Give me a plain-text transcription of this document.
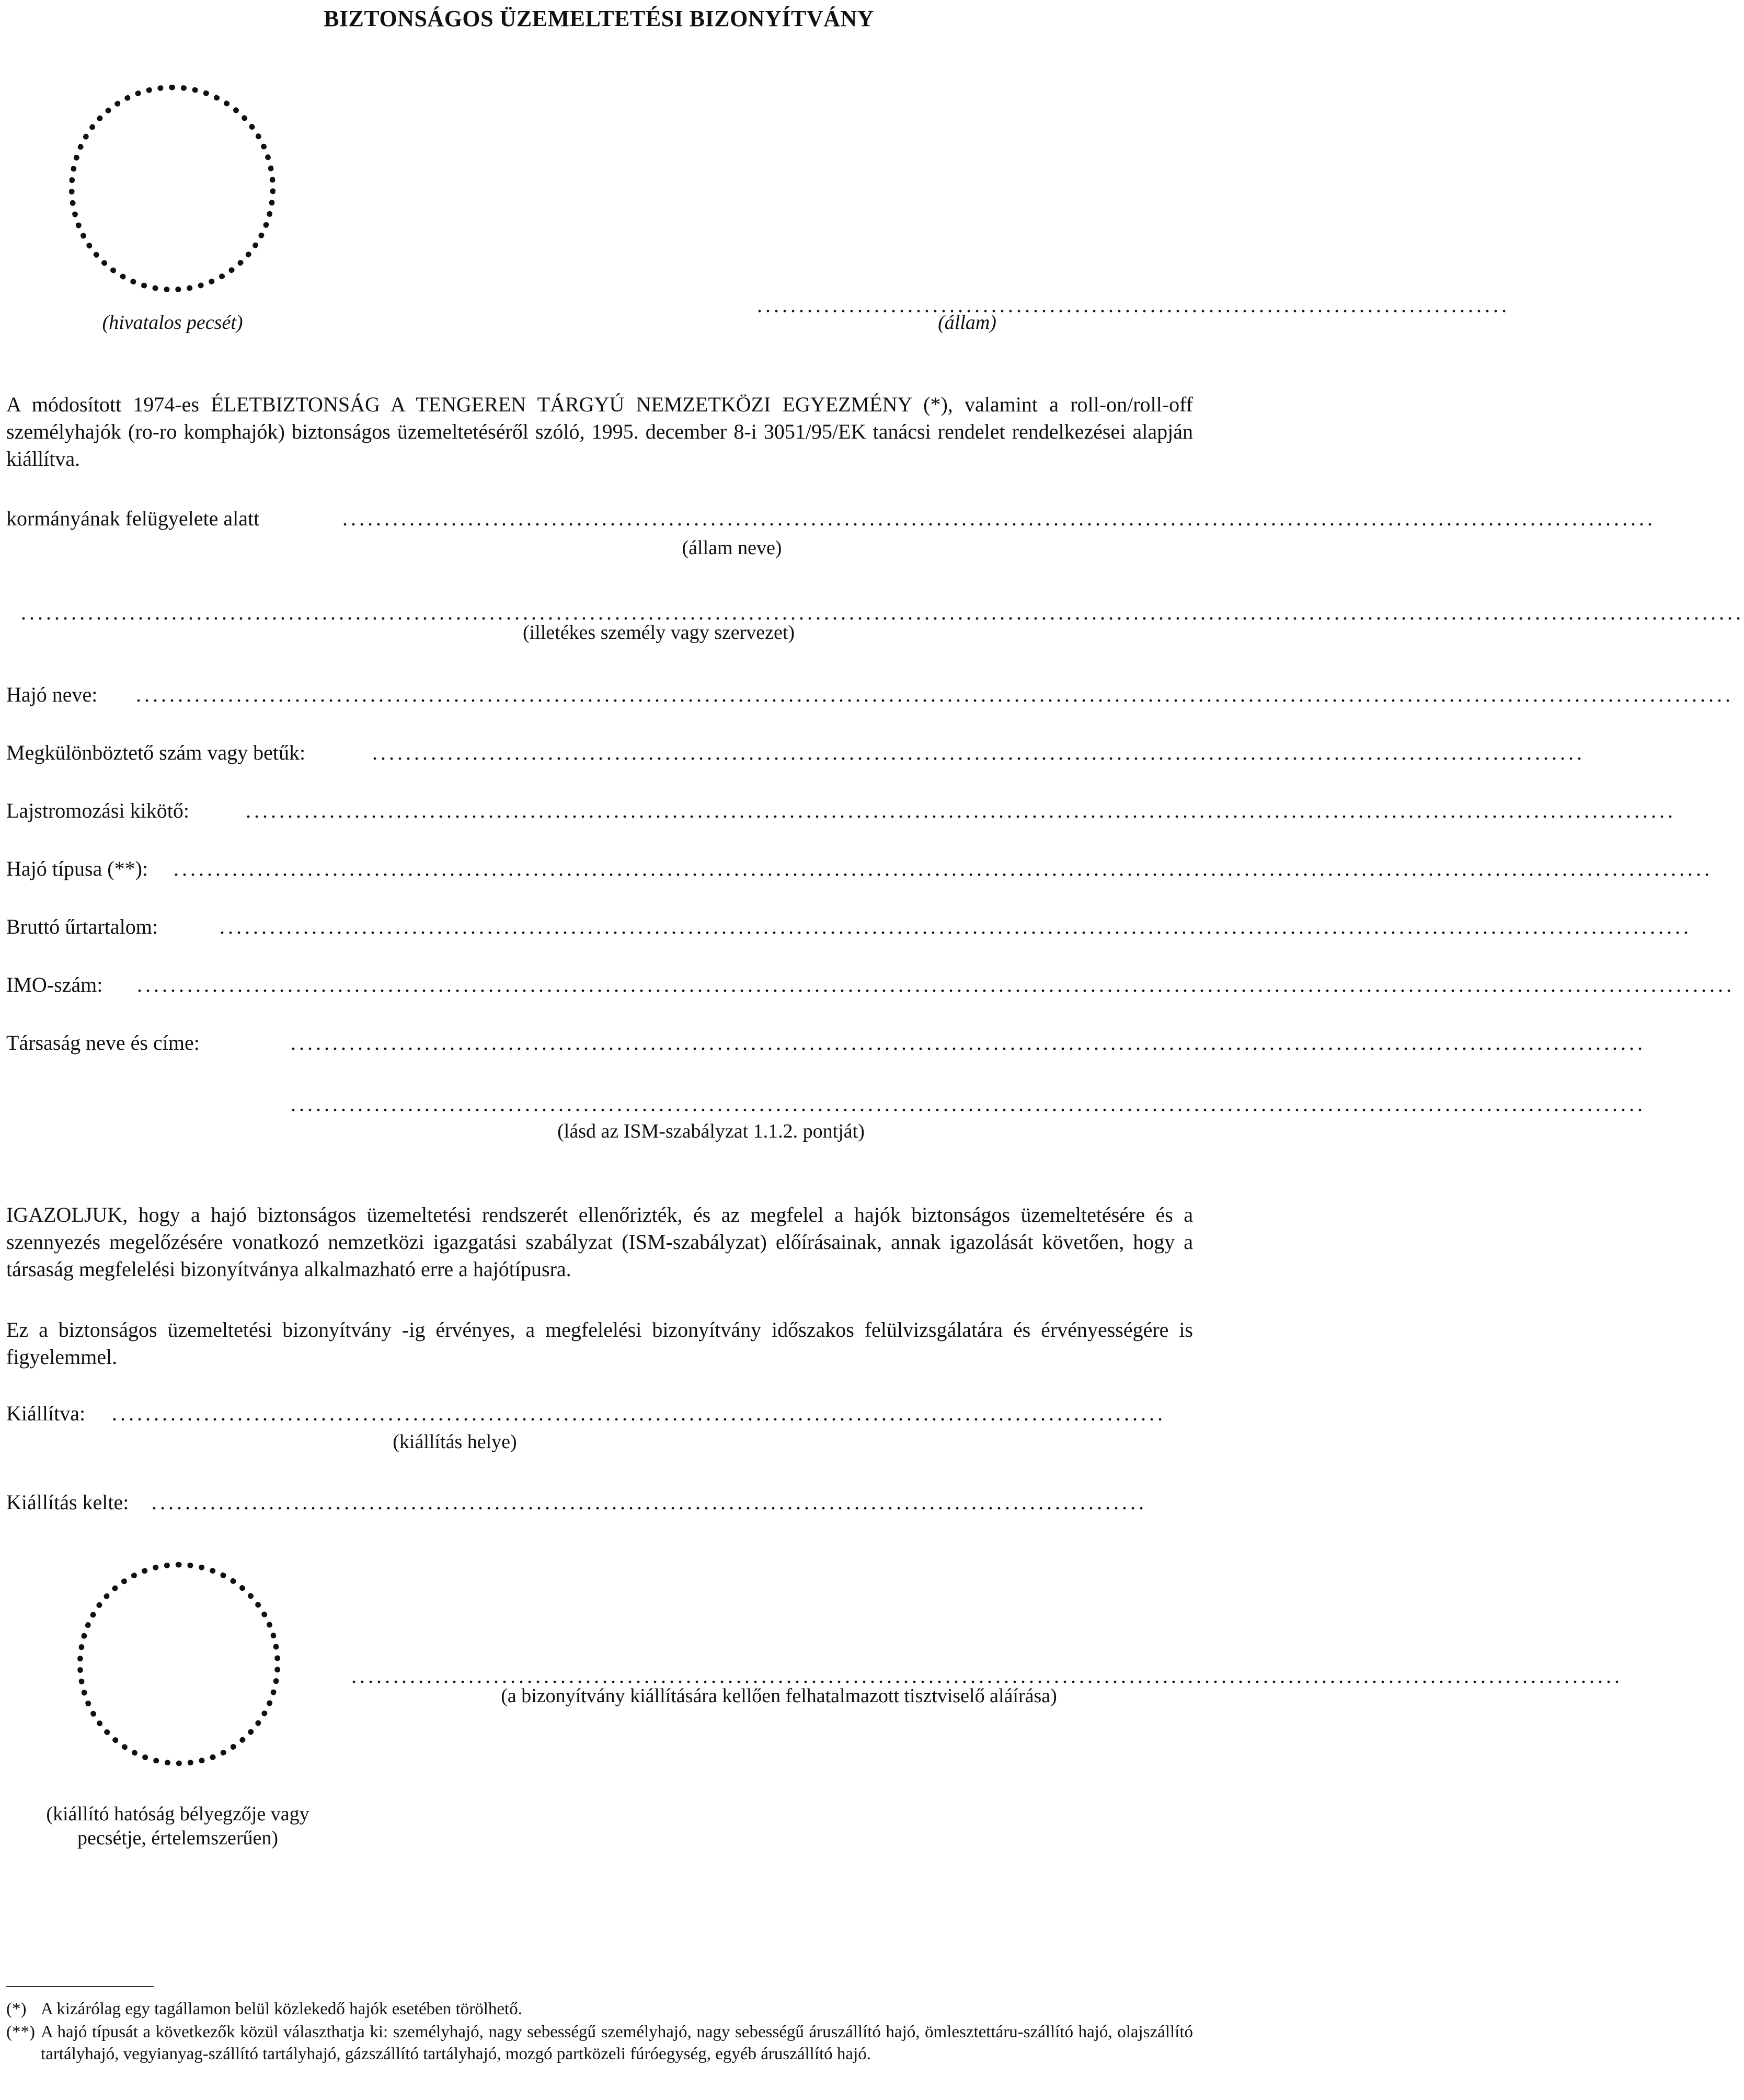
BIZTONSÁGOS ÜZEMELTETÉSI BIZONYÍTVÁNY
(hivatalos pecsét)
..........................................................................................
(állam)
A módosított 1974-es ÉLETBIZTONSÁG A TENGEREN TÁRGYÚ NEMZETKÖZI EGYEZMÉNY (*), valamint a roll-on/roll-off személyhajók (ro-ro komphajók) biztonságos üzemeltetéséről szóló, 1995. december 8-i 3051/95/EK tanácsi rendelet rendelkezései alapján kiállítva.
kormányának felügyelete alatt	.............................................................................................................................................................
(állam neve)
..............................................................................................................................................................................................................
(illetékes személy vagy szervezet)
Hajó neve: ...............................................................................................................................................................................................
Megkülönböztető szám vagy betűk:	.................................................................................................................................................
Lajstromozási kikötő:	...........................................................................................................................................................................
Hajó típusa (**): ........................................................................................................................................................................................
Bruttó űrtartalom:	................................................................................................................................................................................
IMO-szám: ...............................................................................................................................................................................................
Társaság neve és címe:	..................................................................................................................................................................
..................................................................................................................................................................
(lásd az ISM-szabályzat 1.1.2. pontját)
IGAZOLJUK, hogy a hajó biztonságos üzemeltetési rendszerét ellenőrizték, és az megfelel a hajók biztonságos üzemeltetésére és a szennyezés megelőzésére vonatkozó nemzetközi igazgatási szabályzat (ISM-szabályzat) előírásainak, annak igazolását követően, hogy a társaság megfelelési bizonyítványa alkalmazható erre a hajótípusra.
Ez a biztonságos üzemeltetési bizonyítvány -ig érvényes, a megfelelési bizonyítvány időszakos felülvizsgálatára és érvényességére is figyelemmel.
Kiállítva: ..............................................................................................................................
(kiállítás helye)
Kiállítás kelte: .......................................................................................................................
........................................................................................................................................................
(a bizonyítvány kiállítására kellően felhatalmazott tisztviselő aláírása)
(kiállító hatóság bélyegzője vagy
pecsétje, értelemszerűen)
(*) A kizárólag egy tagállamon belül közlekedő hajók esetében törölhető.
(**) A hajó típusát a következők közül választhatja ki: személyhajó, nagy sebességű személyhajó, nagy sebességű áruszállító hajó, ömlesztettáru-szállító hajó, olajszállító tartályhajó, vegyianyag-szállító tartályhajó, gázszállító tartályhajó, mozgó partközeli fúróegység, egyéb áruszállító hajó.
